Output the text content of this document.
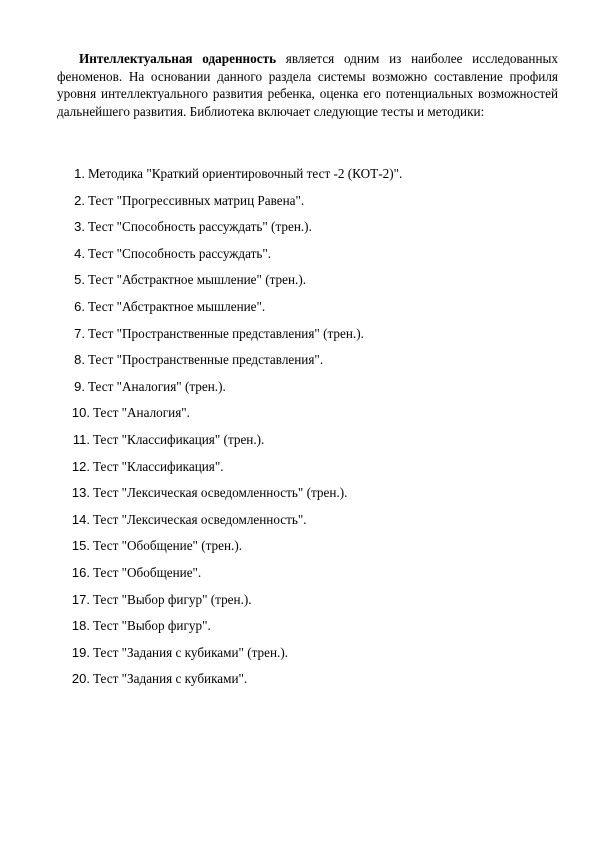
Интеллектуальная одаренность является одним из наиболее исследованных феноменов. На основании данного раздела системы возможно составление профиля уровня интеллектуального развития ребенка, оценка его потенциальных возможностей дальнейшего развития. Библиотека включает следующие тесты и методики:

1. Методика "Краткий ориентировочный тест -2 (КОТ-2)".
2. Тест "Прогрессивных матриц Равена".
3. Тест "Способность рассуждать" (трен.).
4. Тест "Способность рассуждать".
5. Тест "Абстрактное мышление" (трен.).
6. Тест "Абстрактное мышление".
7. Тест "Пространственные представления" (трен.).
8. Тест "Пространственные представления".
9. Тест "Аналогия" (трен.).
10. Тест "Аналогия".
11. Тест "Классификация" (трен.).
12. Тест "Классификация".
13. Тест "Лексическая осведомленность" (трен.).
14. Тест "Лексическая осведомленность".
15. Тест "Обобщение" (трен.).
16. Тест "Обобщение".
17. Тест "Выбор фигур" (трен.).
18. Тест "Выбор фигур".
19. Тест "Задания с кубиками" (трен.).
20. Тест "Задания с кубиками".
